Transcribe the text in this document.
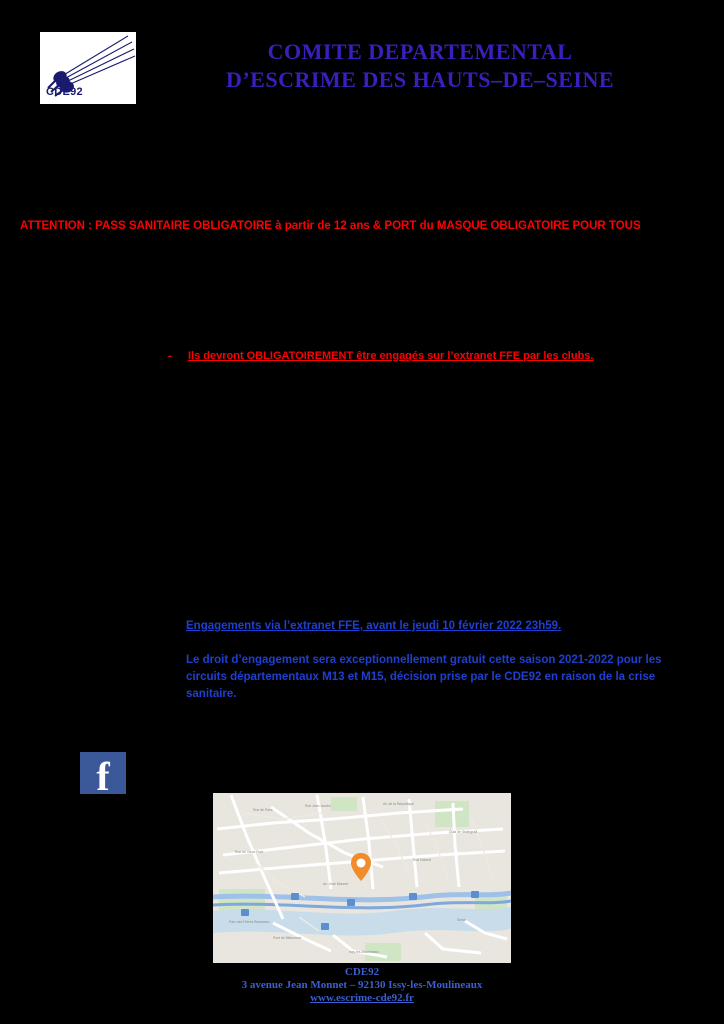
CDE92
COMITE DEPARTEMENTAL
D’ESCRIME DES HAUTS–DE–SEINE
ATTENTION : PASS SANITAIRE OBLIGATOIRE à partir de 12 ans & PORT du MASQUE OBLIGATOIRE POUR TOUS
- Ils devront OBLIGATOIREMENT être engagés sur l’extranet FFE par les clubs.
Engagements via l’extranet FFE, avant le jeudi 10 février 2022 23h59.
Le droit d’engagement sera exceptionnellement gratuit cette saison 2021-2022 pour les circuits départementaux M13 et M15, décision prise par le CDE92 en raison de la crise sanitaire.
f
Rue de Paris
Rue Jean Jaurès	Av. de la République
Quai de Stalingrad
Av. Jean Monnet
Rue du Vieux Pont
Parc des Frères Rousseau
Rue Diderot
Pont de Billancourt
Seine
Issy-les-Moulineaux
CDE92
3 avenue Jean Monnet – 92130 Issy-les-Moulineaux
www.escrime-cde92.fr
